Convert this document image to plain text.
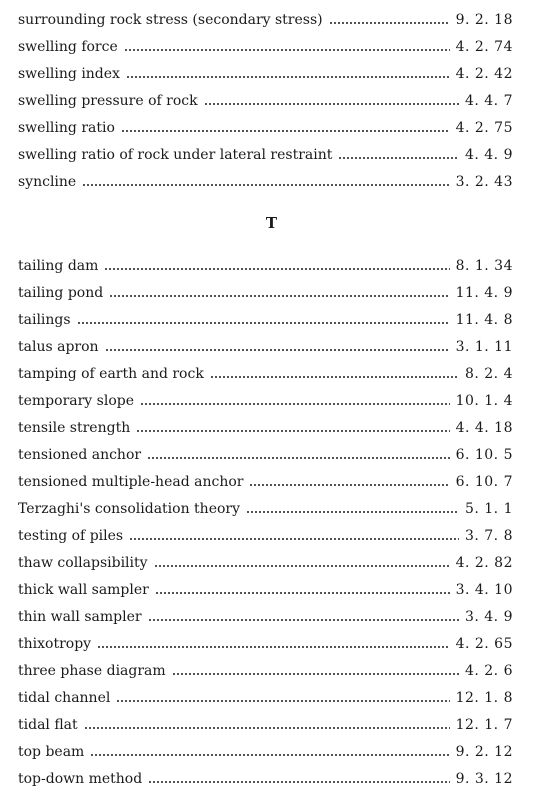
surrounding rock stress (secondary stress)	9. 2. 18
swelling force	4. 2. 74
swelling index	4. 2. 42
swelling pressure of rock	4. 4. 7
swelling ratio	4. 2. 75
swelling ratio of rock under lateral restraint	4. 4. 9
syncline	3. 2. 43
T
tailing dam	8. 1. 34
tailing pond	11. 4. 9
tailings	11. 4. 8
talus apron	3. 1. 11
tamping of earth and rock	8. 2. 4
temporary slope	10. 1. 4
tensile strength	4. 4. 18
tensioned anchor	6. 10. 5
tensioned multiple-head anchor	6. 10. 7
Terzaghi's consolidation theory	5. 1. 1
testing of piles	3. 7. 8
thaw collapsibility	4. 2. 82
thick wall sampler	3. 4. 10
thin wall sampler	3. 4. 9
thixotropy	4. 2. 65
three phase diagram	4. 2. 6
tidal channel	12. 1. 8
tidal flat	12. 1. 7
top beam	9. 2. 12
top-down method	9. 3. 12
